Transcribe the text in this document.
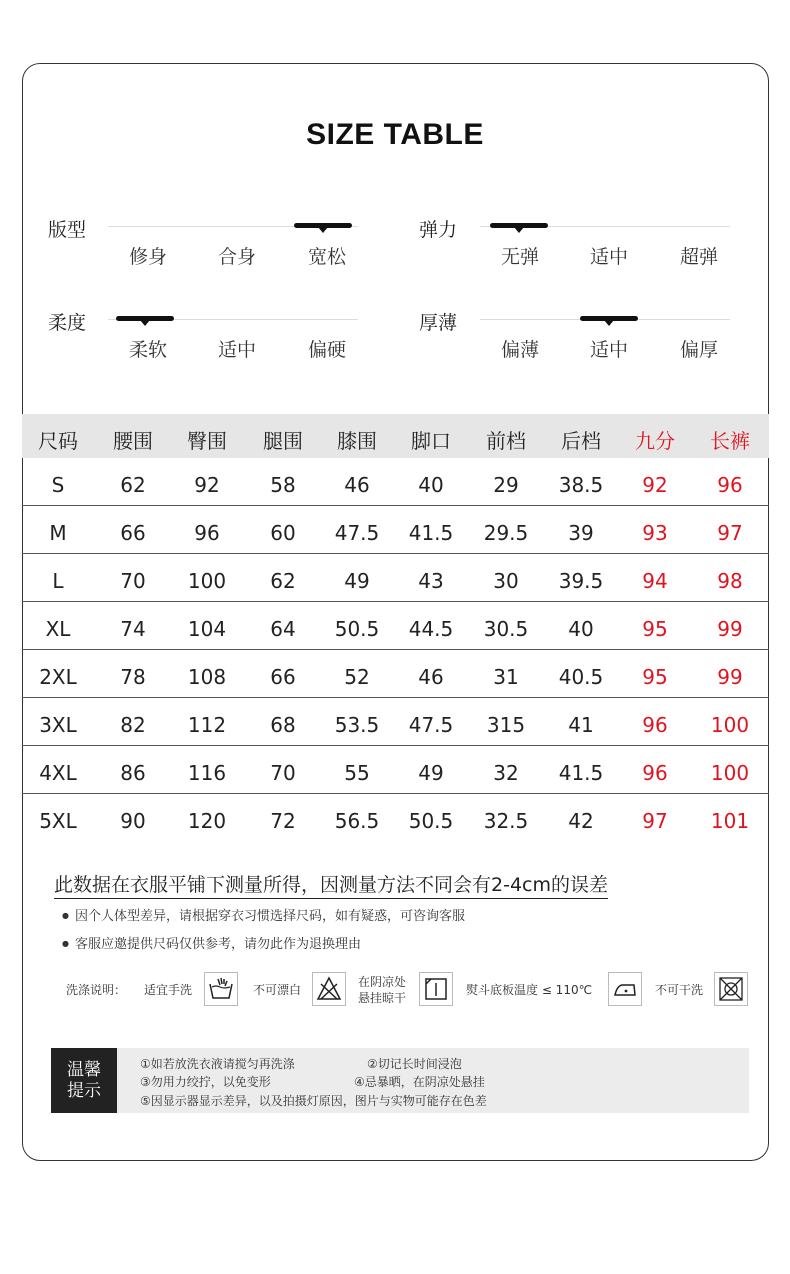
SIZE TABLE
版型
修身	合身	宽松
弹力
无弹	适中	超弹
柔度
柔软	适中	偏硬
厚薄
偏薄	适中	偏厚
尺码	腰围	臀围	腿围	膝围	脚口	前档	后档	九分	长裤
S	62	92	58	46	40	29	38.5	92	96
M	66	96	60	47.5	41.5	29.5	39	93	97
L	70	100	62	49	43	30	39.5	94	98
XL	74	104	64	50.5	44.5	30.5	40	95	99
2XL	78	108	66	52	46	31	40.5	95	99
3XL	82	112	68	53.5	47.5	315	41	96	100
4XL	86	116	70	55	49	32	41.5	96	100
5XL	90	120	72	56.5	50.5	32.5	42	97	101
此数据在衣服平铺下测量所得，因测量方法不同会有2-4cm的误差
● 因个人体型差异，请根据穿衣习惯选择尺码，如有疑惑，可咨询客服
● 客服应邀提供尺码仅供参考，请勿此作为退换理由
洗涤说明： 适宜手洗	不可漂白
在阴凉处
悬挂晾干
熨斗底板温度 ≤ 110℃	不可干洗
温馨
提示
①如若放洗衣液请搅匀再洗涤	②切记长时间浸泡
③勿用力绞拧，以免变形	④忌暴晒，在阴凉处悬挂
⑤因显示器显示差异，以及拍摄灯原因，图片与实物可能存在色差
